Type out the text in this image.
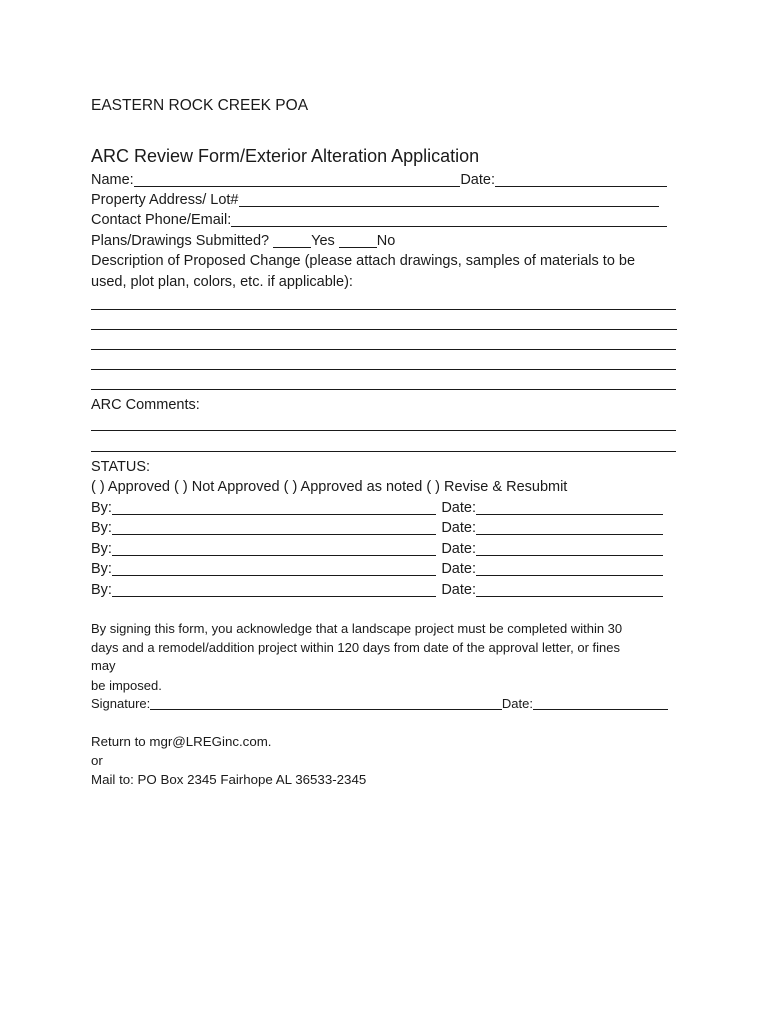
EASTERN ROCK CREEK POA
ARC Review Form/Exterior Alteration Application
Name:	Date:
Property Address/ Lot#
Contact Phone/Email:
Plans/Drawings Submitted?	Yes	No
Description of Proposed Change (please attach drawings, samples of materials to be
used, plot plan, colors, etc. if applicable):
ARC Comments:
STATUS:
( ) Approved ( ) Not Approved ( ) Approved as noted ( ) Revise & Resubmit
By:	Date:
By:	Date:
By:	Date:
By:	Date:
By:	Date:
By signing this form, you acknowledge that a landscape project must be completed within 30
days and a remodel/addition project within 120 days from date of the approval letter, or fines
may
be imposed.
Signature:	Date:
Return to mgr@LREGinc.com.
or
Mail to: PO Box 2345 Fairhope AL 36533-2345
